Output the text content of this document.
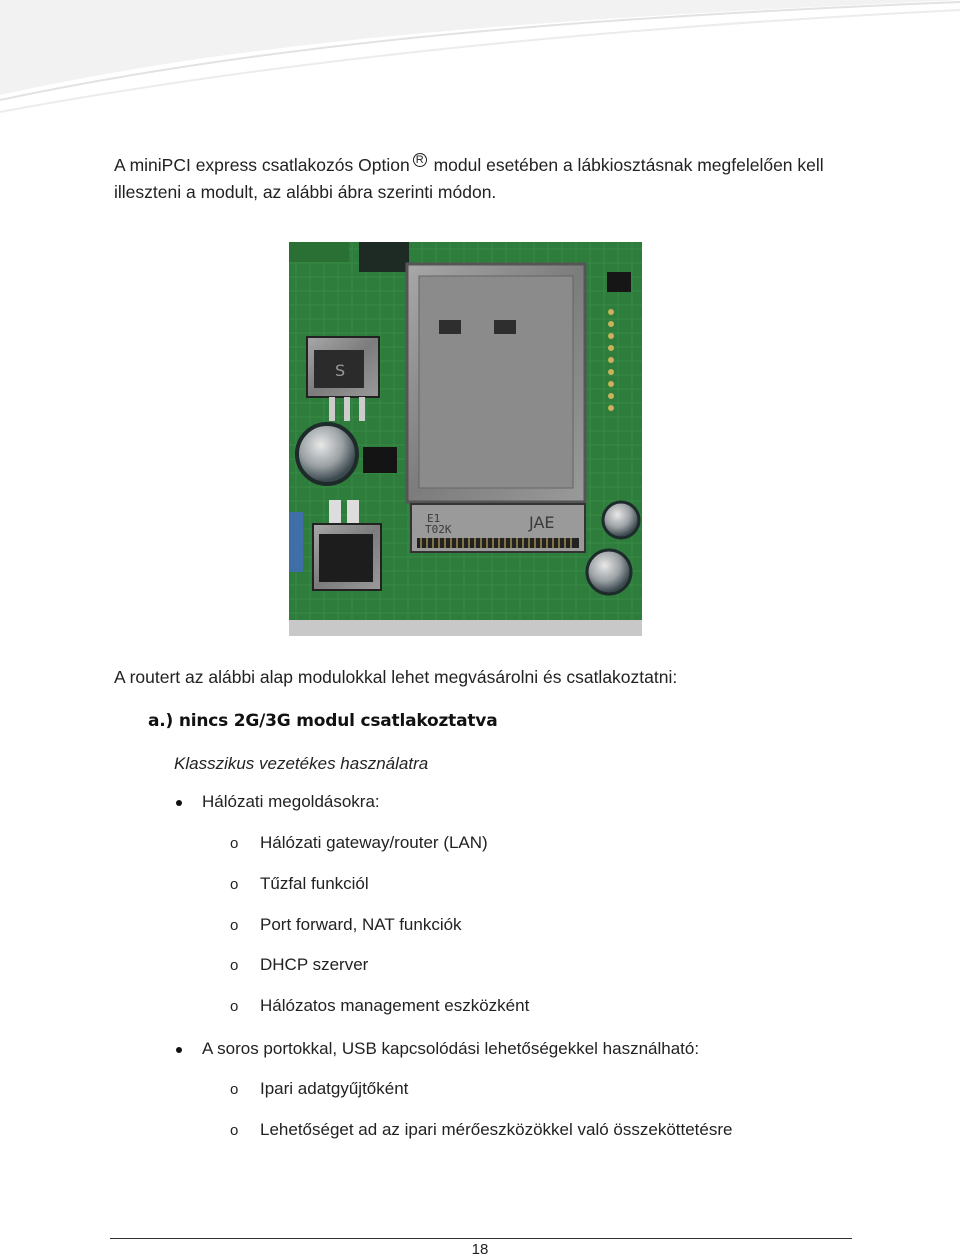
A miniPCI express csatlakozós Option R modul esetében a lábkiosztásnak megfelelően kell illeszteni a modult, az alábbi ábra szerinti módon.
E1
T02K	JAE
S
A routert az alábbi alap modulokkal lehet megvásárolni és csatlakoztatni:
a.) nincs 2G/3G modul csatlakoztatva
Klasszikus vezetékes használatra
Hálózati megoldásokra:
o Hálózati gateway/router (LAN)
o Tűzfal funkciól
o Port forward, NAT funkciók
o DHCP szerver
o Hálózatos management eszközként
A soros portokkal, USB kapcsolódási lehetőségekkel használható:
o Ipari adatgyűjtőként
o Lehetőséget ad az ipari mérőeszközökkel való összeköttetésre
18
